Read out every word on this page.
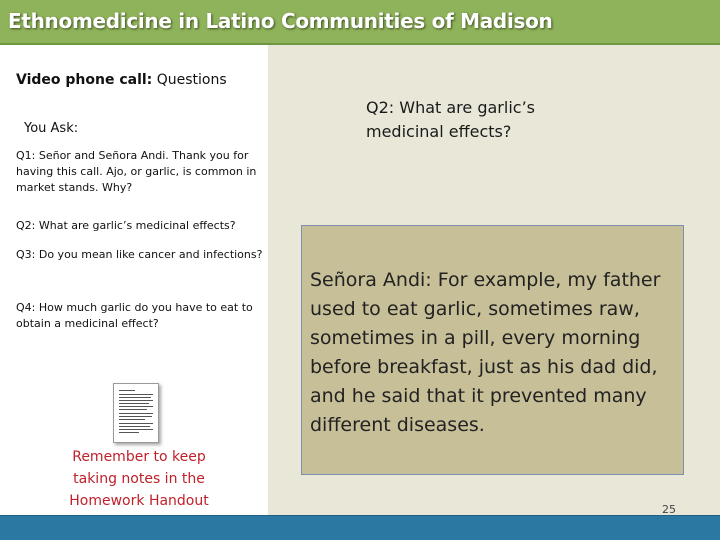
Ethnomedicine in Latino Communities of Madison
Video phone call: Questions
You Ask:
Q1: Señor and Señora Andi. Thank you for having this call. Ajo, or garlic, is common in market stands. Why?
Q2: What are garlic’s medicinal effects?
Q3: Do you mean like cancer and infections?
Q4: How much garlic do you have to eat to obtain a medicinal effect?
Remember to keep taking notes in the Homework Handout
Q2: What are garlic’s medicinal effects?
Señora Andi: For example, my father used to eat garlic, sometimes raw, sometimes in a pill, every morning before breakfast, just as his dad did, and he said that it prevented many different diseases.
25
